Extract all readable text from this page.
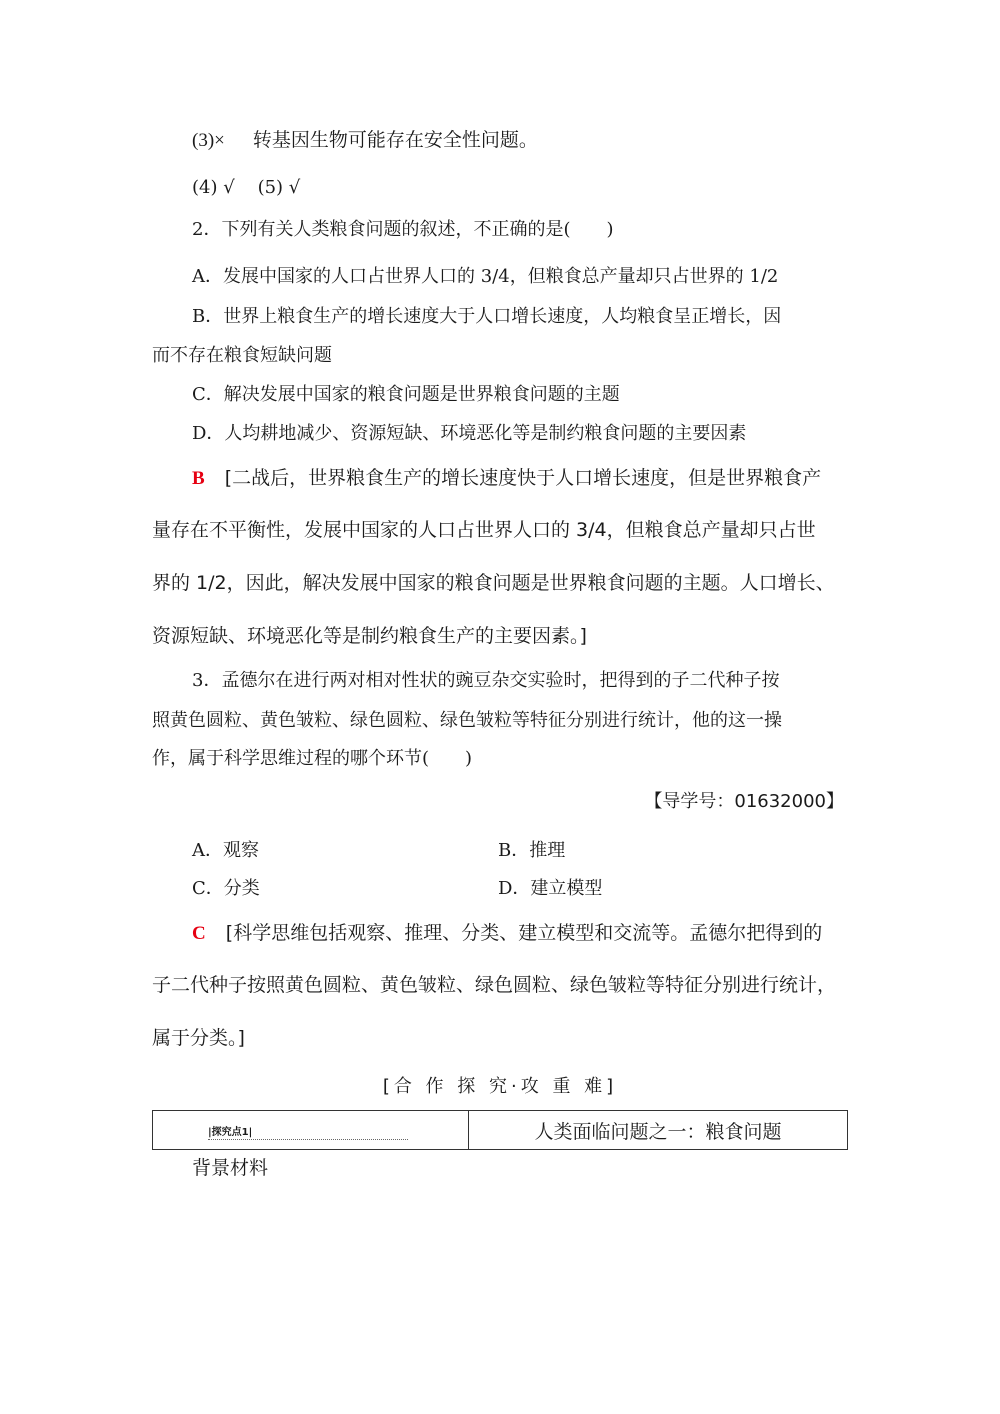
(3)× 转基因生物可能存在安全性问题。
(4) √    (5) √
2．下列有关人类粮食问题的叙述，不正确的是(　　)
A．发展中国家的人口占世界人口的 3/4，但粮食总产量却只占世界的 1/2
B．世界上粮食生产的增长速度大于人口增长速度，人均粮食呈正增长，因
而不存在粮食短缺问题
C．解决发展中国家的粮食问题是世界粮食问题的主题
D．人均耕地减少、资源短缺、环境恶化等是制约粮食问题的主要因素
B [二战后，世界粮食生产的增长速度快于人口增长速度，但是世界粮食产
量存在不平衡性，发展中国家的人口占世界人口的 3/4，但粮食总产量却只占世
界的 1/2，因此，解决发展中国家的粮食问题是世界粮食问题的主题。人口增长、
资源短缺、环境恶化等是制约粮食生产的主要因素。]
3．孟德尔在进行两对相对性状的豌豆杂交实验时，把得到的子二代种子按
照黄色圆粒、黄色皱粒、绿色圆粒、绿色皱粒等特征分别进行统计，他的这一操
作，属于科学思维过程的哪个环节(　　)
【导学号：01632000】
A．观察	B．推理
C．分类	D．建立模型
C [科学思维包括观察、推理、分类、建立模型和交流等。孟德尔把得到的
子二代种子按照黄色圆粒、黄色皱粒、绿色圆粒、绿色皱粒等特征分别进行统计，
属于分类。]
[合 作 探 究·攻 重 难]
|探究点1|	人类面临问题之一：粮食问题
背景材料
